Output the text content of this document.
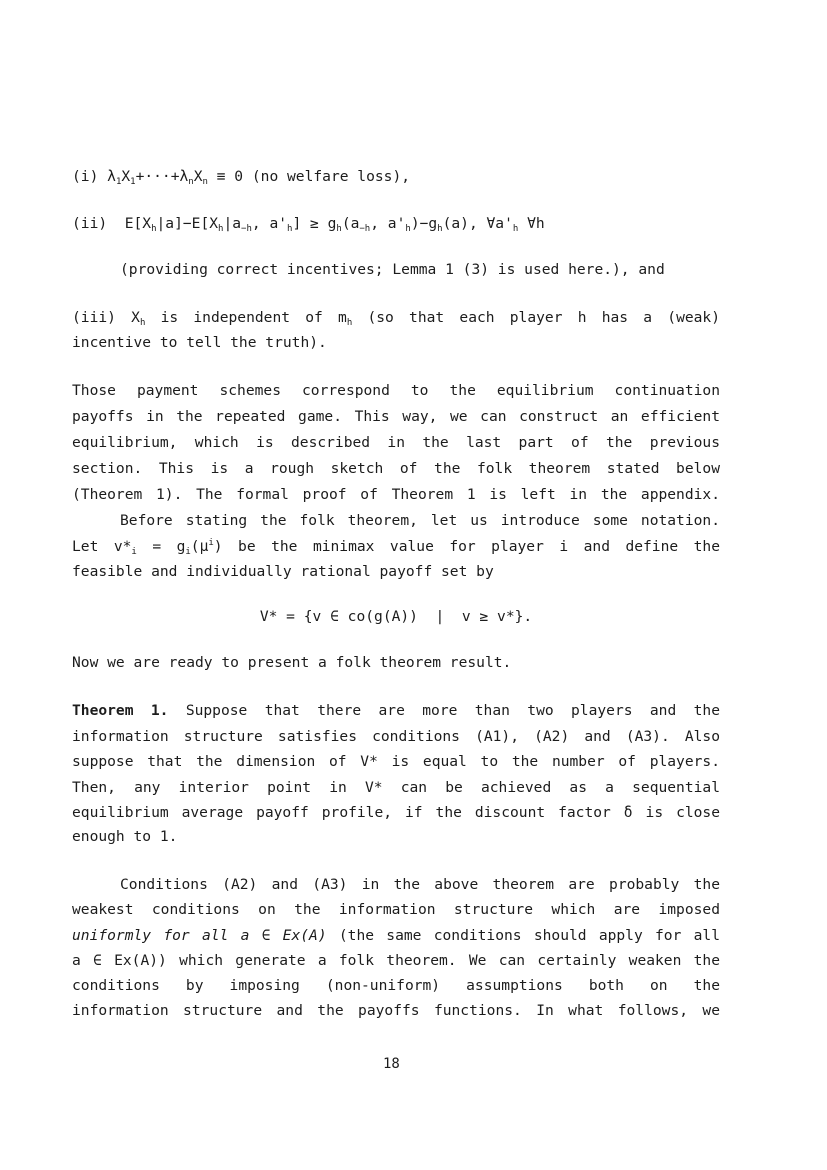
(i) $\lambda_1X_1+\cdot\cdot\cdot+\lambda_nX_n \equiv 0$ (no welfare loss),
(ii)  $E[X_h|a]-E[X_h|a_{-h}$, $a'_h] \ge g_h(a_{-h}$, $a'_h)-g_h(a)$, $\forall a'_h$ ∀h
(providing correct incentives; Lemma 1 (3) is used here.), and
(iii) $X_h$ is independent of $m_h$ (so that each player h has a (weak)
incentive to tell the truth).
Those payment schemes correspond to the equilibrium continuation
payoffs in the repeated game. This way, we can construct an efficient
equilibrium, which is described in the last part of the previous
section. This is a rough sketch of the folk theorem stated below
(Theorem 1). The formal proof of Theorem 1 is left in the appendix.
Before stating the folk theorem, let us introduce some notation.
Let $v*_i = g_i(\mu^i)$ be the minimax value for player i and define the
feasible and individually rational payoff set by
V* = {v ∈ co(g(A))  |  v ≥ v*}.
Now we are ready to present a folk theorem result.
Theorem 1. Suppose that there are more than two players and the
information structure satisfies conditions (A1), (A2) and (A3). Also
suppose that the dimension of V* is equal to the number of players.
Then, any interior point in V* can be achieved as a sequential
equilibrium average payoff profile, if the discount factor δ is close
enough to 1.
Conditions (A2) and (A3) in the above theorem are probably the
weakest conditions on the information structure which are imposed
uniformly for all a ∈ Ex(A) (the same conditions should apply for all
a ∈ Ex(A)) which generate a folk theorem. We can certainly weaken the
conditions by imposing (non-uniform) assumptions both on the
information structure and the payoffs functions. In what follows, we
18
